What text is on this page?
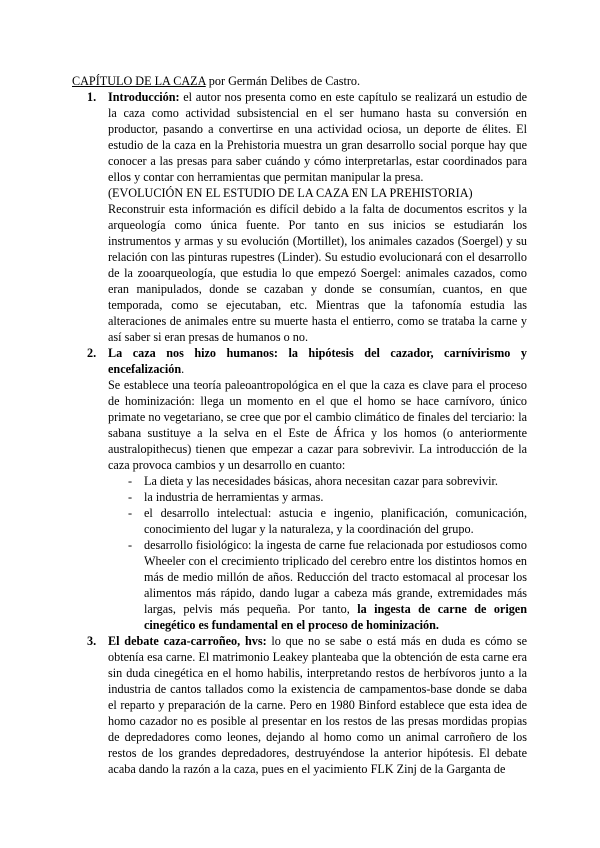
CAPÍTULO DE LA CAZA por Germán Delibes de Castro.
1. Introducción: el autor nos presenta como en este capítulo se realizará un estudio de la caza como actividad subsistencial en el ser humano hasta su conversión en productor, pasando a convertirse en una actividad ociosa, un deporte de élites. El estudio de la caza en la Prehistoria muestra un gran desarrollo social porque hay que conocer a las presas para saber cuándo y cómo interpretarlas, estar coordinados para ellos y contar con herramientas que permitan manipular la presa.

(EVOLUCIÓN EN EL ESTUDIO DE LA CAZA EN LA PREHISTORIA)

Reconstruir esta información es difícil debido a la falta de documentos escritos y la arqueología como única fuente. Por tanto en sus inicios se estudiarán los instrumentos y armas y su evolución (Mortillet), los animales cazados (Soergel) y su relación con las pinturas rupestres (Linder). Su estudio evolucionará con el desarrollo de la zooarqueología, que estudia lo que empezó Soergel: animales cazados, como eran manipulados, donde se cazaban y donde se consumían, cuantos, en que temporada, como se ejecutaban, etc. Mientras que la tafonomía estudia las alteraciones de animales entre su muerte hasta el entierro, como se trataba la carne y así saber si eran presas de humanos o no.

2. La caza nos hizo humanos: la hipótesis del cazador, carnívirismo y encefalización.

Se establece una teoría paleoantropológica en el que la caza es clave para el proceso de hominización: llega un momento en el que el homo se hace carnívoro, único primate no vegetariano, se cree que por el cambio climático de finales del terciario: la sabana sustituye a la selva en el Este de África y los homos (o anteriormente australopithecus) tienen que empezar a cazar para sobrevivir. La introducción de la caza provoca cambios y un desarrollo en cuanto:

- La dieta y las necesidades básicas, ahora necesitan cazar para sobrevivir.
- la industria de herramientas y armas.
- el desarrollo intelectual: astucia e ingenio, planificación, comunicación, conocimiento del lugar y la naturaleza, y la coordinación del grupo.
- desarrollo fisiológico: la ingesta de carne fue relacionada por estudiosos como Wheeler con el crecimiento triplicado del cerebro entre los distintos homos en más de medio millón de años. Reducción del tracto estomacal al procesar los alimentos más rápido, dando lugar a cabeza más grande, extremidades más largas, pelvis más pequeña. Por tanto, la ingesta de carne de origen cinegético es fundamental en el proceso de hominización.
3. El debate caza-carroñeo, hvs: lo que no se sabe o está más en duda es cómo se obtenía esa carne. El matrimonio Leakey planteaba que la obtención de esta carne era sin duda cinegética en el homo habilis, interpretando restos de herbívoros junto a la industria de cantos tallados como la existencia de campamentos-base donde se daba el reparto y preparación de la carne. Pero en 1980 Binford establece que esta idea de homo cazador no es posible al presentar en los restos de las presas mordidas propias de depredadores como leones, dejando al homo como un animal carroñero de los restos de los grandes depredadores, destruyéndose la anterior hipótesis. El debate acaba dando la razón a la caza, pues en el yacimiento FLK Zinj de la Garganta de
